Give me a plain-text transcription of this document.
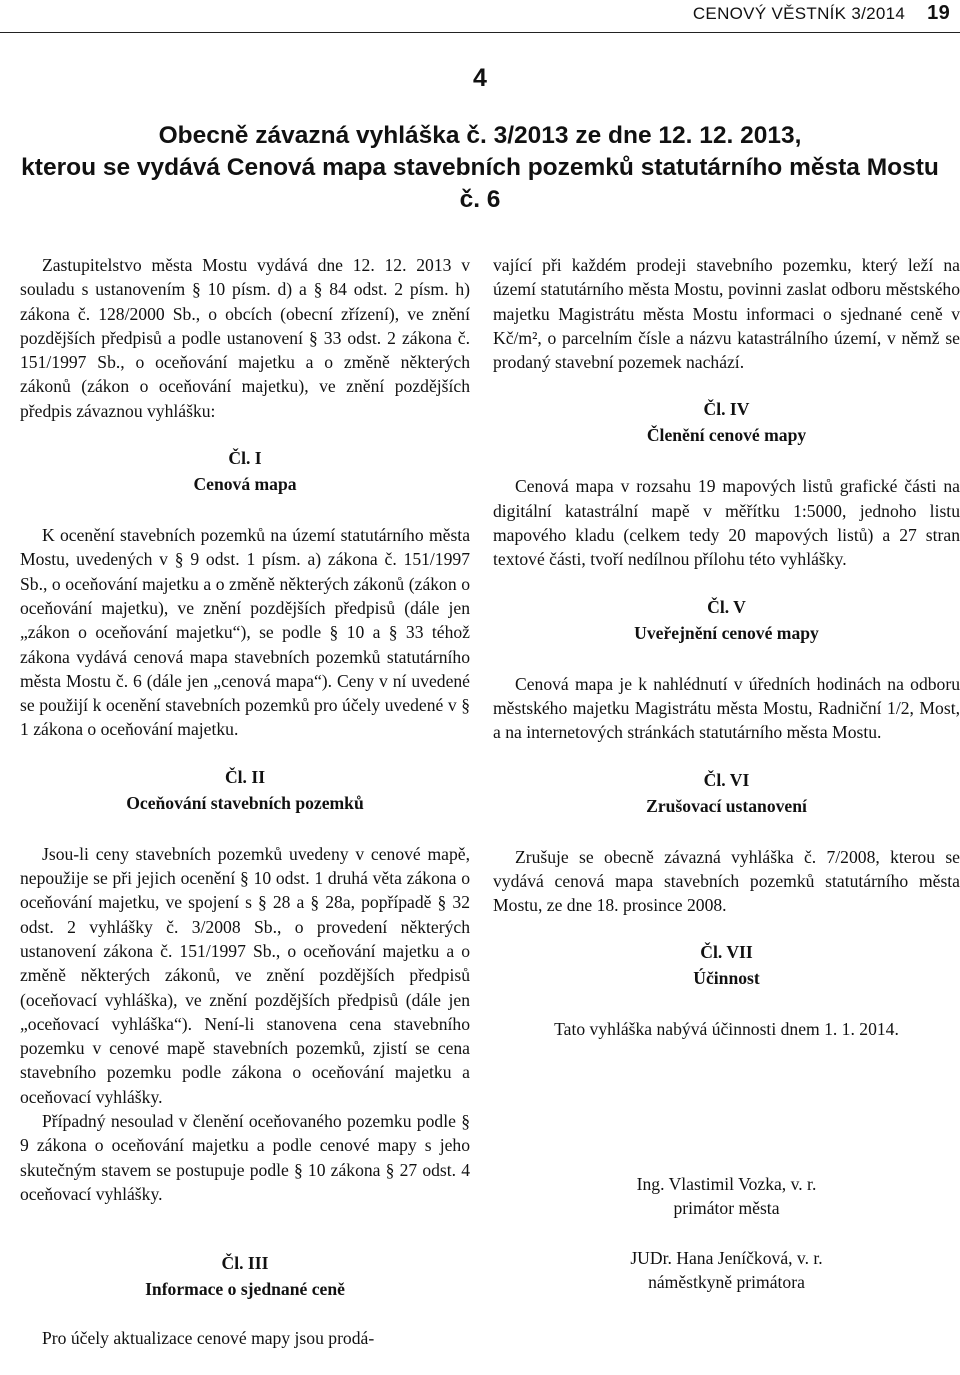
CENOVÝ VĚSTNÍK 3/2014 19
4
Obecně závazná vyhláška č. 3/2013 ze dne 12. 12. 2013,
kterou se vydává Cenová mapa stavebních pozemků statutárního města Mostu č. 6

Zastupitelstvo města Mostu vydává dne 12. 12. 2013 v souladu s ustanovením § 10 písm. d) a § 84 odst. 2 písm. h) zákona č. 128/2000 Sb., o obcích (obecní zřízení), ve znění pozdějších předpisů a podle ustanovení § 33 odst. 2 zákona č. 151/1997 Sb., o oceňování majetku a o změně některých zákonů (zákon o oceňování majetku), ve znění pozdějších předpis závaznou vyhlášku:

Čl. I
Cenová mapa

K ocenění stavebních pozemků na území statutárního města Mostu, uvedených v § 9 odst. 1 písm. a) zákona č. 151/1997 Sb., o oceňování majetku a o změně některých zákonů (zákon o oceňování majetku), ve znění pozdějších předpisů (dále jen „zákon o oceňování majetku“), se podle § 10 a § 33 téhož zákona vydává cenová mapa stavebních pozemků statutárního města Mostu č. 6 (dále jen „cenová mapa“). Ceny v ní uvedené se použijí k ocenění stavebních pozemků pro účely uvedené v § 1 zákona o oceňování majetku.

Čl. II
Oceňování stavebních pozemků

Jsou-li ceny stavebních pozemků uvedeny v cenové mapě, nepoužije se při jejich ocenění § 10 odst. 1 druhá věta zákona o oceňování majetku, ve spojení s § 28 a § 28a, popřípadě § 32 odst. 2 vyhlášky č. 3/2008 Sb., o provedení některých ustanovení zákona č. 151/1997 Sb., o oceňování majetku a o změně některých zákonů, ve znění pozdějších předpisů (oceňovací vyhláška), ve znění pozdějších předpisů (dále jen „oceňovací vyhláška“). Není-li stanovena cena stavebního pozemku v cenové mapě stavebních pozemků, zjistí se cena stavebního pozemku podle zákona o oceňování majetku a oceňovací vyhlášky.

Případný nesoulad v členění oceňovaného pozemku podle § 9 zákona o oceňování majetku a podle cenové mapy s jeho skutečným stavem se postupuje podle § 10 zákona § 27 odst. 4 oceňovací vyhlášky.

Čl. III
Informace o sjednané ceně

Pro účely aktualizace cenové mapy jsou prodá-

vající při každém prodeji stavebního pozemku, který leží na území statutárního města Mostu, povinni zaslat odboru městského majetku Magistrátu města Mostu informaci o sjednané ceně v Kč/m², o parcelním čísle a názvu katastrálního území, v němž se prodaný stavební pozemek nachází.

Čl. IV
Členění cenové mapy

Cenová mapa v rozsahu 19 mapových listů grafické části na digitální katastrální mapě v měřítku 1:5000, jednoho listu mapového kladu (celkem tedy 20 mapových listů) a 27 stran textové části, tvoří nedílnou přílohu této vyhlášky.

Čl. V
Uveřejnění cenové mapy

Cenová mapa je k nahlédnutí v úředních hodinách na odboru městského majetku Magistrátu města Mostu, Radniční 1/2, Most, a na internetových stránkách statutárního města Mostu.

Čl. VI
Zrušovací ustanovení

Zrušuje se obecně závazná vyhláška č. 7/2008, kterou se vydává cenová mapa stavebních pozemků statutárního města Mostu, ze dne 18. prosince 2008.

Čl. VII
Účinnost

Tato vyhláška nabývá účinnosti dnem 1. 1. 2014.

Ing. Vlastimil Vozka, v. r.

primátor města

JUDr. Hana Jeníčková, v. r.

náměstkyně primátora
